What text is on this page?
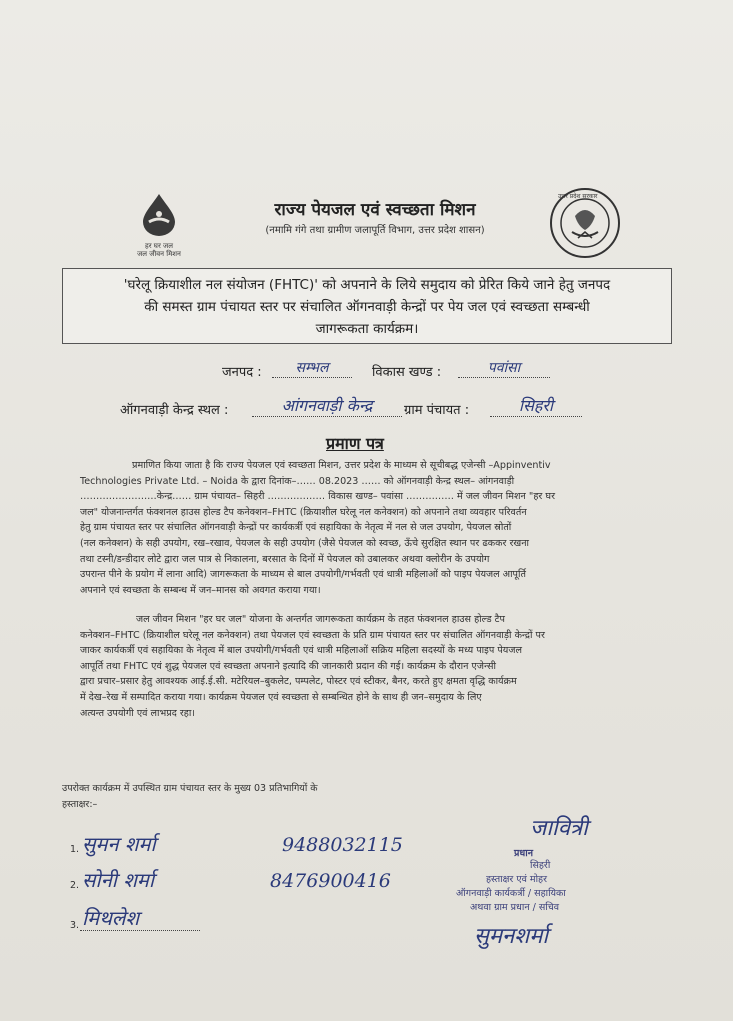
हर घर जल
जल जीवन मिशन
राज्य पेयजल एवं स्वच्छता मिशन
(नमामि गंगे तथा ग्रामीण जलापूर्ति विभाग, उत्तर प्रदेश शासन)
उत्तर प्रदेश सरकार
'घरेलू क्रियाशील नल संयोजन (FHTC)' को अपनाने के लिये समुदाय को प्रेरित किये जाने हेतु जनपद
की समस्त ग्राम पंचायत स्तर पर संचालित ऑगनवाड़ी केन्द्रों पर पेय जल एवं स्वच्छता सम्बन्धी
जागरूकता कार्यक्रम।
जनपद :	सम्भल	विकास खण्ड :	पवांसा
ऑगनवाड़ी केन्द्र स्थल :	आंगनवाड़ी केन्द्र	ग्राम पंचायत :	सिहरी
प्रमाण पत्र
प्रमाणित किया जाता है कि राज्य पेयजल एवं स्वच्छता मिशन, उत्तर प्रदेश के माध्यम से सूचीबद्ध एजेन्सी –Appinventiv
Technologies Private Ltd. – Noida के द्वारा दिनांक–…… 08.2023 …… को ऑगनवाड़ी केन्द्र स्थल– आंगनवाड़ी
……………………केन्द्र…… ग्राम पंचायत– सिहरी ……………… विकास खण्ड– पवांसा …………… में जल जीवन मिशन "हर घर
जल" योजनान्तर्गत फंक्शनल हाउस होल्ड टैप कनेक्शन–FHTC (क्रियाशील घरेलू नल कनेक्शन) को अपनाने तथा व्यवहार परिवर्तन
हेतु ग्राम पंचायत स्तर पर संचालित ऑगनवाड़ी केन्द्रों पर कार्यकर्त्री एवं सहायिका के नेतृत्व में नल से जल उपयोग, पेयजल स्रोतों
(नल कनेक्शन) के सही उपयोग, रख–रखाव, पेयजल के सही उपयोग (जैसे पेयजल को स्वच्छ, ऊँचे सुरक्षित स्थान पर ढककर रखना
तथा टस्नी/डन्डीदार लोटे द्वारा जल पात्र से निकालना, बरसात के दिनों में पेयजल को उबालकर अथवा क्लोरीन के उपयोग
उपरान्त पीने के प्रयोग में लाना आदि) जागरूकता के माध्यम से बाल उपयोगी/गर्भवती एवं धात्री महिलाओं को पाइप पेयजल आपूर्ति
अपनाने एवं स्वच्छता के सम्बन्ध में जन–मानस को अवगत कराया गया।
जल जीवन मिशन "हर घर जल" योजना के अन्तर्गत जागरूकता कार्यक्रम के तहत फंक्शनल हाउस होल्ड टैप
कनेक्शन–FHTC (क्रियाशील घरेलू नल कनेक्शन) तथा पेयजल एवं स्वच्छता के प्रति ग्राम पंचायत स्तर पर संचालित ऑगनवाड़ी केन्द्रों पर
जाकर कार्यकर्त्री एवं सहायिका के नेतृत्व में बाल उपयोगी/गर्भवती एवं धात्री महिलाओं सक्रिय महिला सदस्यों के मध्य पाइप पेयजल
आपूर्ति तथा FHTC एवं शुद्ध पेयजल एवं स्वच्छता अपनाने इत्यादि की जानकारी प्रदान की गई। कार्यक्रम के दौरान एजेन्सी
द्वारा प्रचार–प्रसार हेतु आवश्यक आई.ई.सी. मटेरियल–बुकलेट, पम्पलेट, पोस्टर एवं स्टीकर, बैनर, करते हुए क्षमता वृद्धि कार्यक्रम
में देख–रेख में सम्पादित कराया गया। कार्यक्रम पेयजल एवं स्वच्छता से सम्बन्धित होने के साथ ही जन–समुदाय के लिए
अत्यन्त उपयोगी एवं लाभप्रद रहा।
उपरोक्त कार्यक्रम में उपस्थित ग्राम पंचायत स्तर के मुख्य 03 प्रतिभागियों के
हस्ताक्षर:–
1. सुमन शर्मा	9488032115
2. सोनी शर्मा	8476900416
3. मिथलेश
जावित्री
प्रधान
सिहरी
हस्ताक्षर एवं मोहर
ऑगनवाड़ी कार्यकर्त्री / सहायिका
अथवा ग्राम प्रधान / सचिव
सुमनशर्मा
